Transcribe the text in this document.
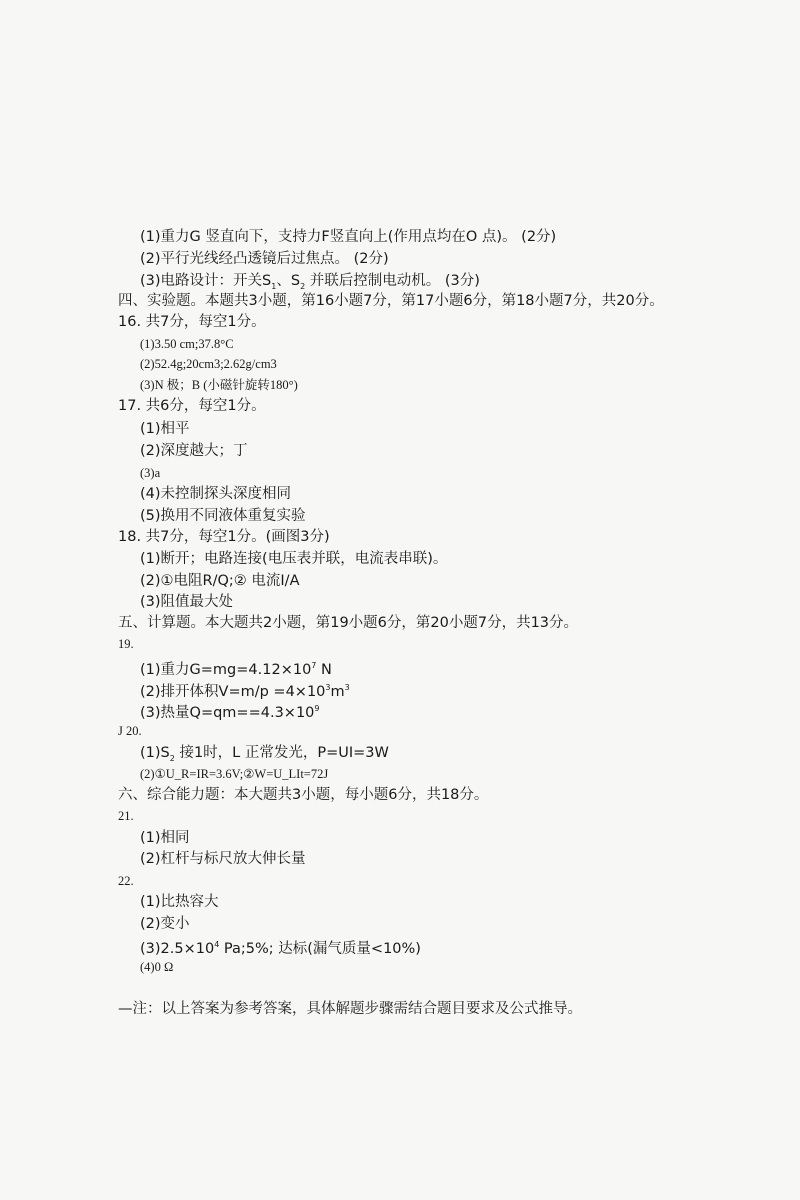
(1)重力G 竖直向下，支持力F竖直向上(作用点均在O 点)。 (2分)
(2)平行光线经凸透镜后过焦点。 (2分)
(3)电路设计：开关$S_1$、$S_2$ 并联后控制电动机。 (3分)
四、实验题。本题共3小题，第16小题7分，第17小题6分，第18小题7分，共20分。
16. 共7分，每空1分。
(1)3.50 cm;37.8°C
(2)52.4g;20cm3;2.62g/cm3
(3)N 极；B (小磁针旋转180°)
17. 共6分，每空1分。
(1)相平
(2)深度越大；丁
(3)a
(4)未控制探头深度相同
(5)换用不同液体重复实验
18. 共7分，每空1分。(画图3分)
(1)断开；电路连接(电压表并联，电流表串联)。
(2)①电阻R/Q;② 电流I/A
(3)阻值最大处
五、计算题。本大题共2小题，第19小题6分，第20小题7分，共13分。
19.
(1)重力$G=mg=4.12\times 10^7$ N
(2)排开体积$V=m/p =4\times 10^3m^3$
(3)热量$Q=qm==4.3\times 10^9$
J 20.
$(1)S_2$ 接1时，L 正常发光，P=UI=3W
(2)①U_R=IR=3.6V;②W=U_LIt=72J
六、综合能力题：本大题共3小题，每小题6分，共18分。
21.
(1)相同
(2)杠杆与标尺放大伸长量
22.
(1)比热容大
(2)变小
$(3)2.5\times 10^4$ Pa;5%; 达标(漏气质量<10%)
(4)0 Ω
—注：以上答案为参考答案，具体解题步骤需结合题目要求及公式推导。
